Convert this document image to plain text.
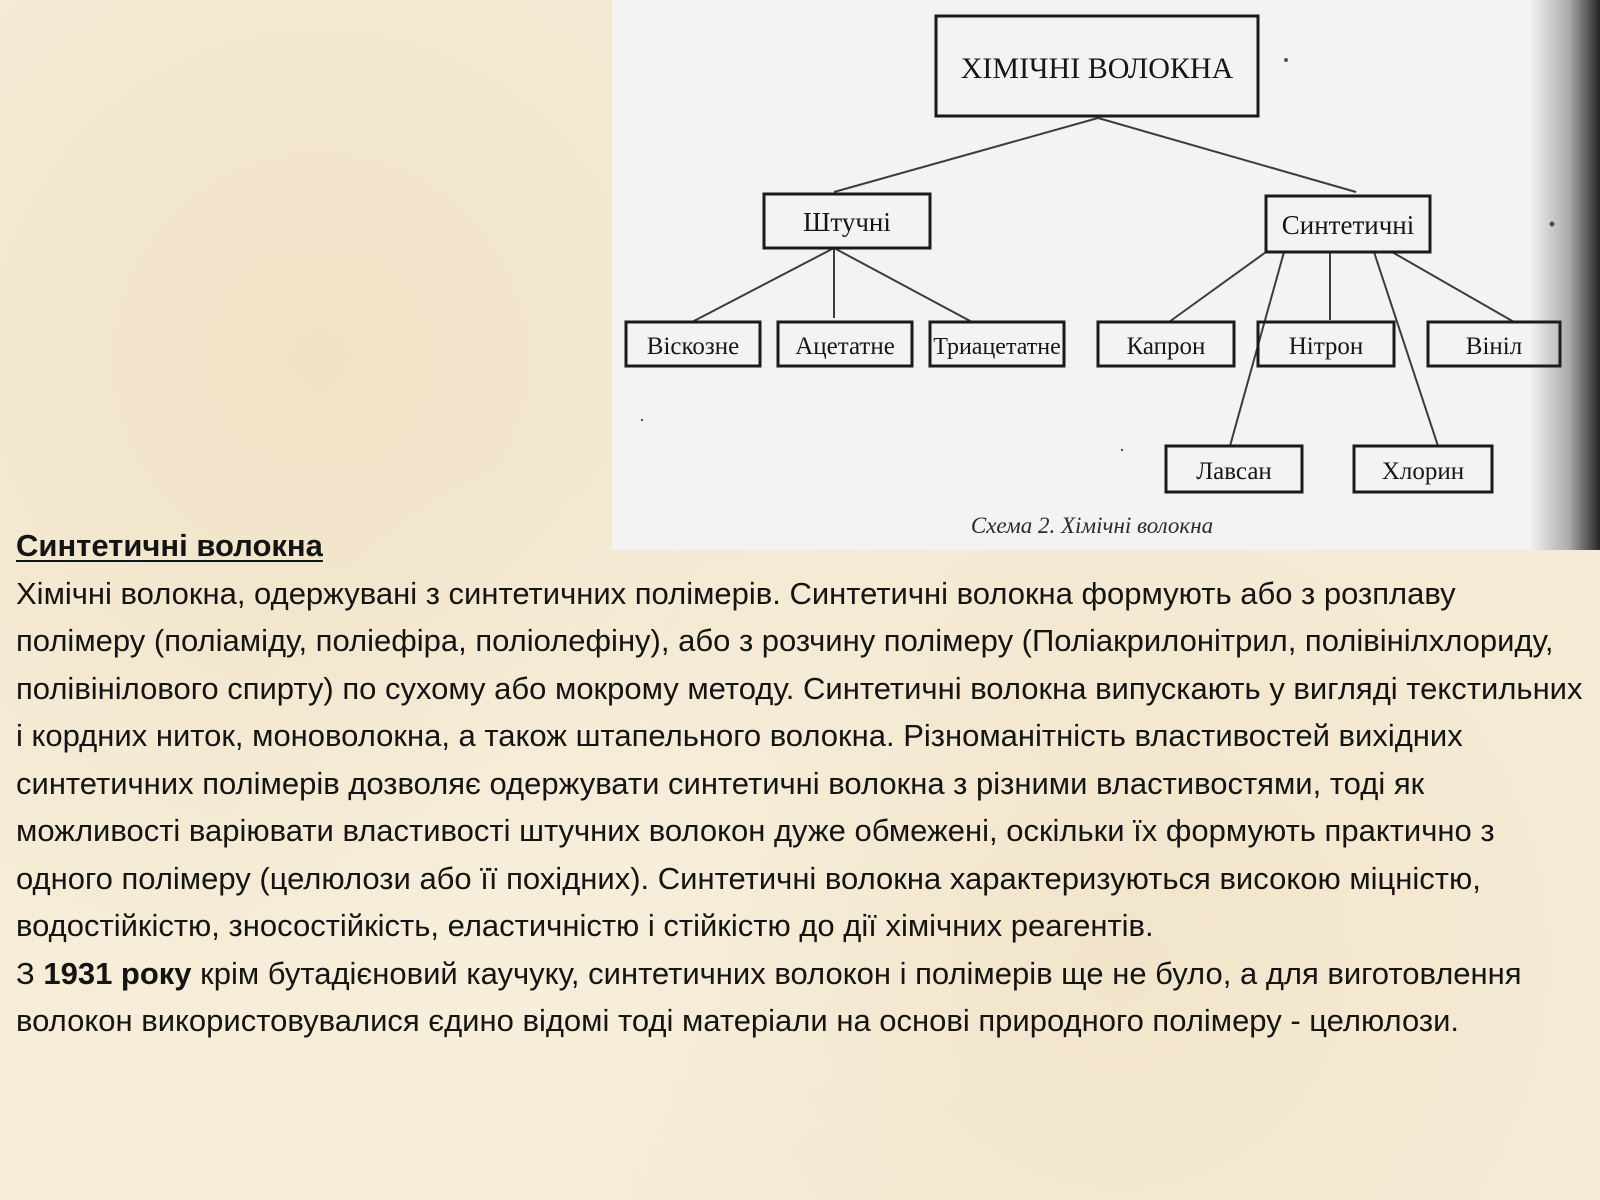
ХІМІЧНІ ВОЛОКНА
Штучні	Синтетичні
Віскозне Ацетатне Триацетатне	Капрон	Нітрон	Вініл
Лавсан	Хлорин
Схема 2. Хімічні волокна
Синтетичні волокна

Хімічні волокна, одержувані з синтетичних полімерів. Синтетичні волокна формують або з розплаву полімеру (поліаміду, поліефіра, поліолефіну), або з розчину полімеру (Поліакрилонітрил, полівінілхлориду, полівінілового спирту) по сухому або мокрому методу. Синтетичні волокна випускають у вигляді текстильних і кордних ниток, моноволокна, а також штапельного волокна. Різноманітність властивостей вихідних синтетичних полімерів дозволяє одержувати синтетичні волокна з різними властивостями, тоді як можливості варіювати властивості штучних волокон дуже обмежені, оскільки їх формують практично з одного полімеру (целюлози або її похідних). Синтетичні волокна характеризуються високою міцністю, водостійкістю, зносостійкість, еластичністю і стійкістю до дії хімічних реагентів.

З 1931 року крім бутадієновий каучуку, синтетичних волокон і полімерів ще не було, а для виготовлення волокон використовувалися єдино відомі тоді матеріали на основі природного полімеру - целюлози.
